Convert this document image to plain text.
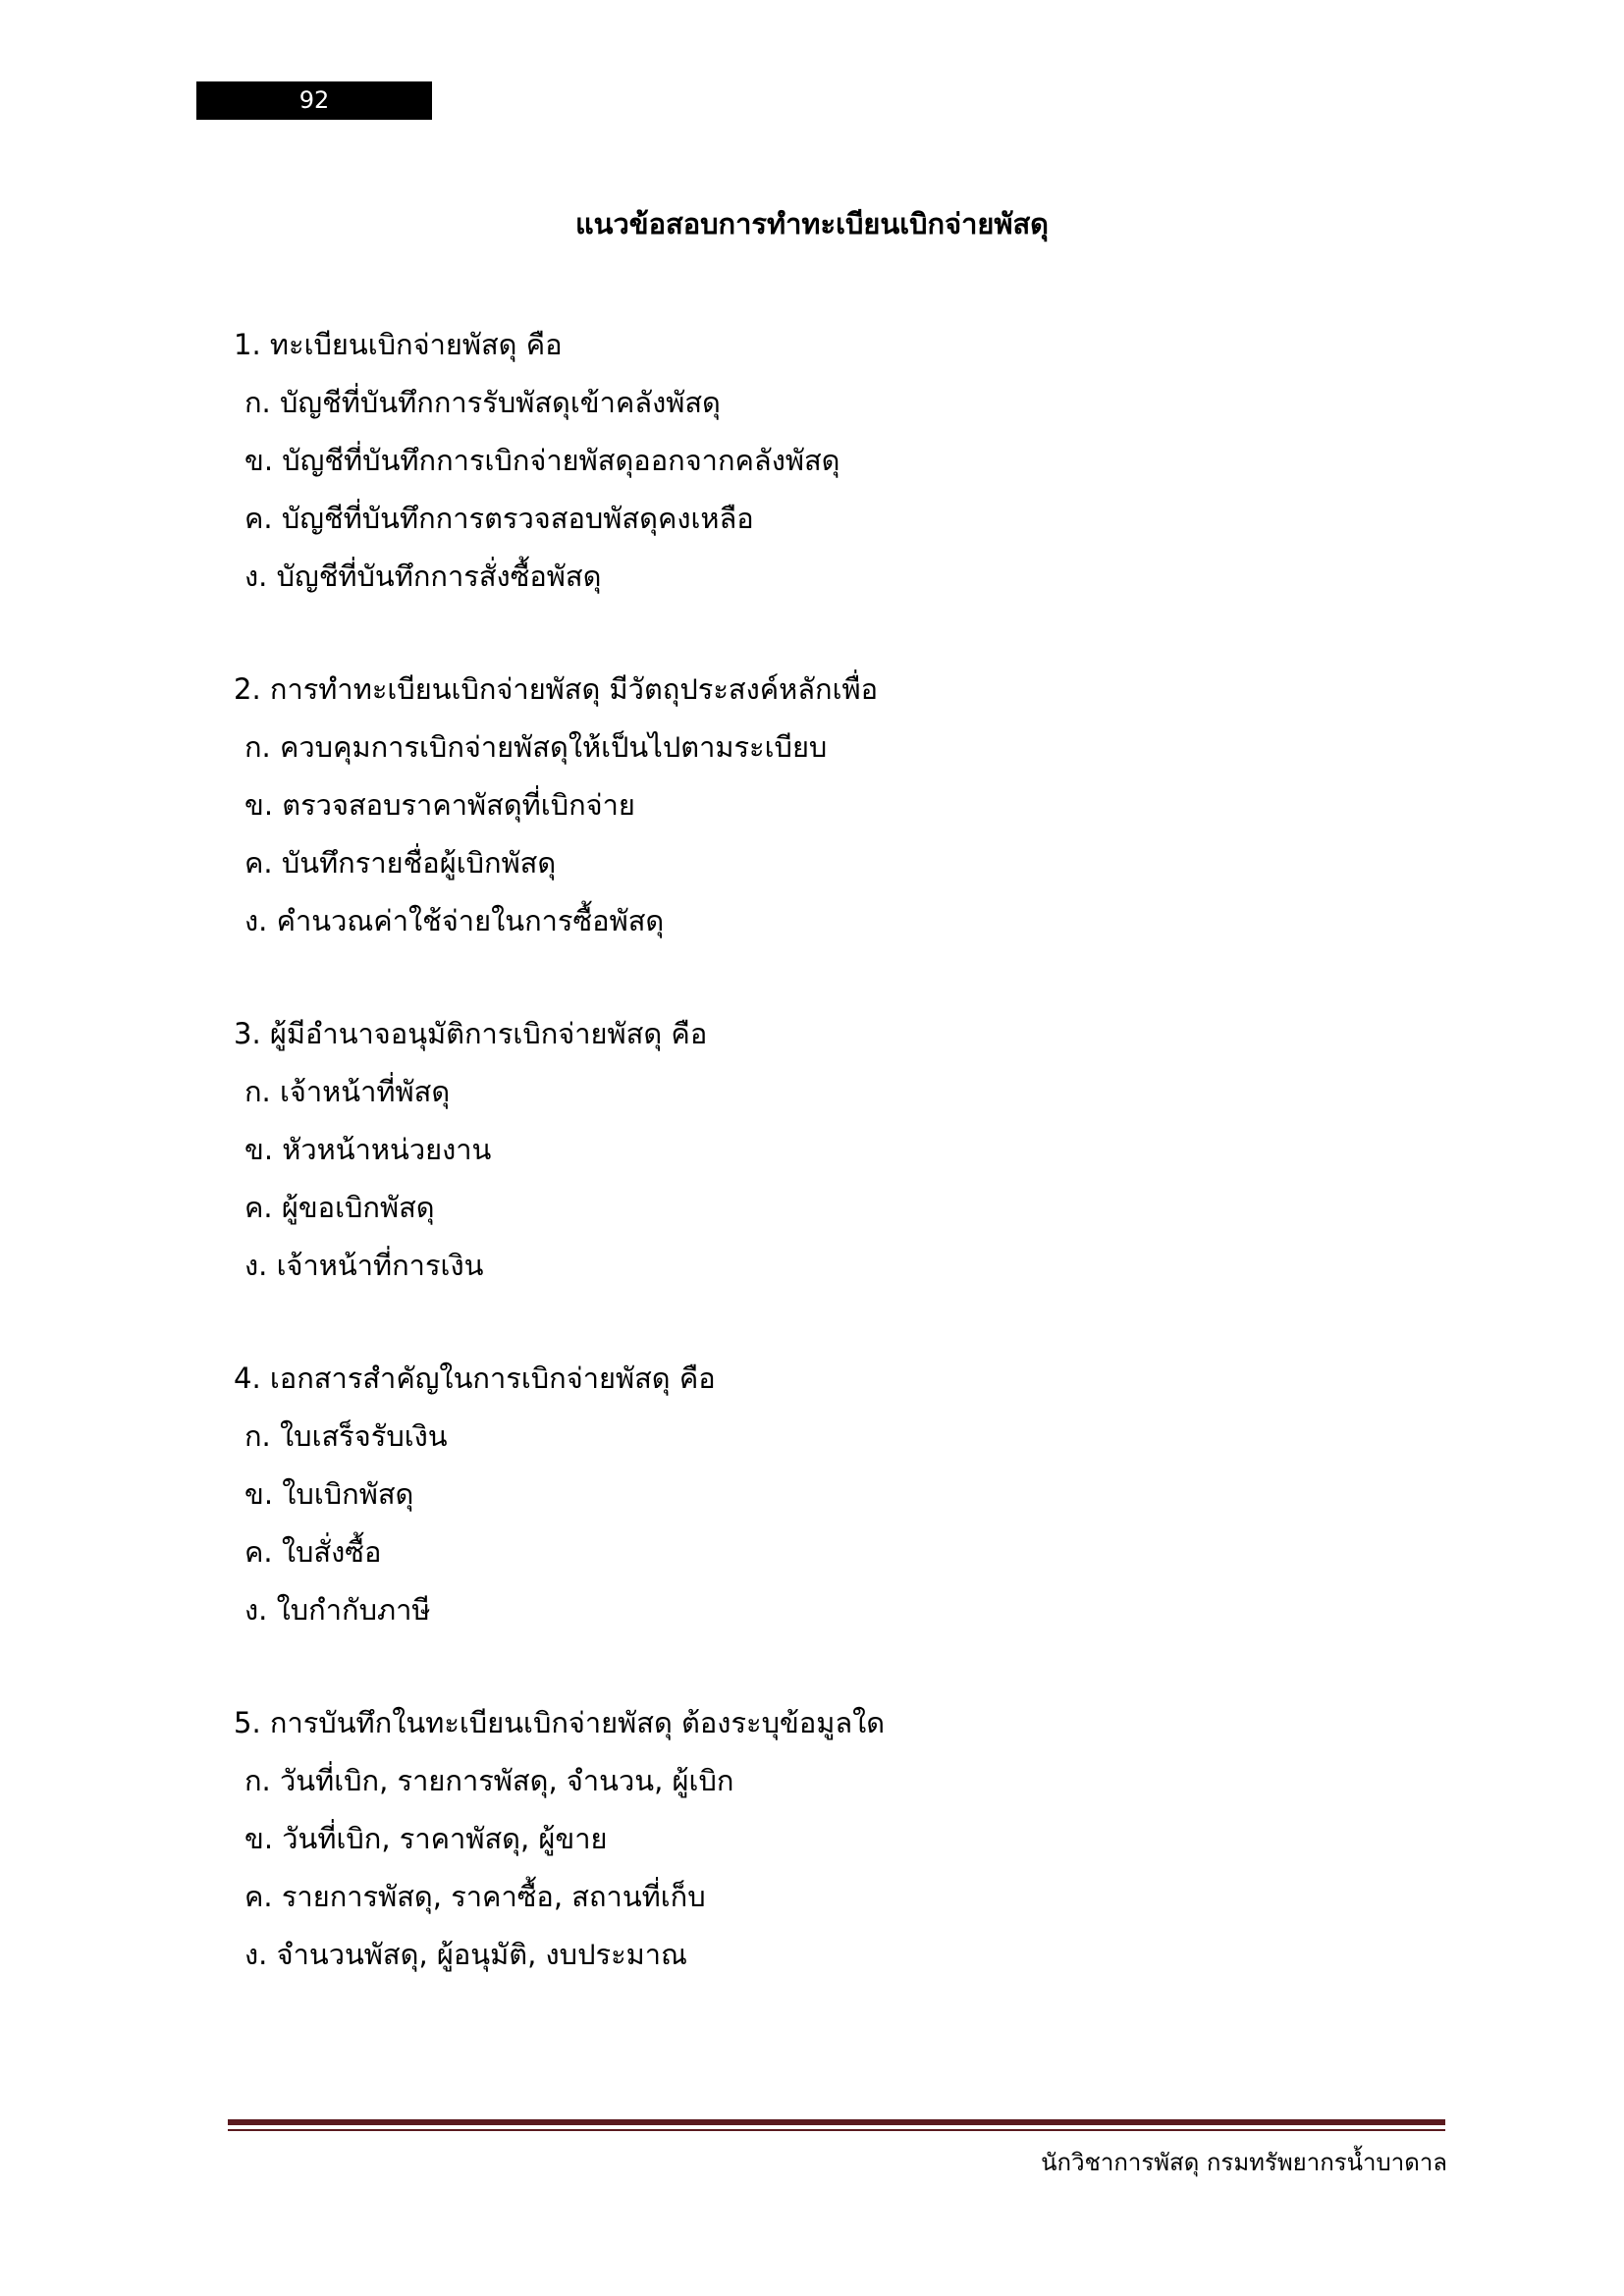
92
แนวข้อสอบการทำทะเบียนเบิกจ่ายพัสดุ
1. ทะเบียนเบิกจ่ายพัสดุ คือ
ก. บัญชีที่บันทึกการรับพัสดุเข้าคลังพัสดุ
ข. บัญชีที่บันทึกการเบิกจ่ายพัสดุออกจากคลังพัสดุ
ค. บัญชีที่บันทึกการตรวจสอบพัสดุคงเหลือ
ง. บัญชีที่บันทึกการสั่งซื้อพัสดุ
2. การทำทะเบียนเบิกจ่ายพัสดุ มีวัตถุประสงค์หลักเพื่อ
ก. ควบคุมการเบิกจ่ายพัสดุให้เป็นไปตามระเบียบ
ข. ตรวจสอบราคาพัสดุที่เบิกจ่าย
ค. บันทึกรายชื่อผู้เบิกพัสดุ
ง. คำนวณค่าใช้จ่ายในการซื้อพัสดุ
3. ผู้มีอำนาจอนุมัติการเบิกจ่ายพัสดุ คือ
ก. เจ้าหน้าที่พัสดุ
ข. หัวหน้าหน่วยงาน
ค. ผู้ขอเบิกพัสดุ
ง. เจ้าหน้าที่การเงิน
4. เอกสารสำคัญในการเบิกจ่ายพัสดุ คือ
ก. ใบเสร็จรับเงิน
ข. ใบเบิกพัสดุ
ค. ใบสั่งซื้อ
ง. ใบกำกับภาษี
5. การบันทึกในทะเบียนเบิกจ่ายพัสดุ ต้องระบุข้อมูลใด
ก. วันที่เบิก, รายการพัสดุ, จำนวน, ผู้เบิก
ข. วันที่เบิก, ราคาพัสดุ, ผู้ขาย
ค. รายการพัสดุ, ราคาซื้อ, สถานที่เก็บ
ง. จำนวนพัสดุ, ผู้อนุมัติ, งบประมาณ
นักวิชาการพัสดุ กรมทรัพยากรน้ำบาดาล
